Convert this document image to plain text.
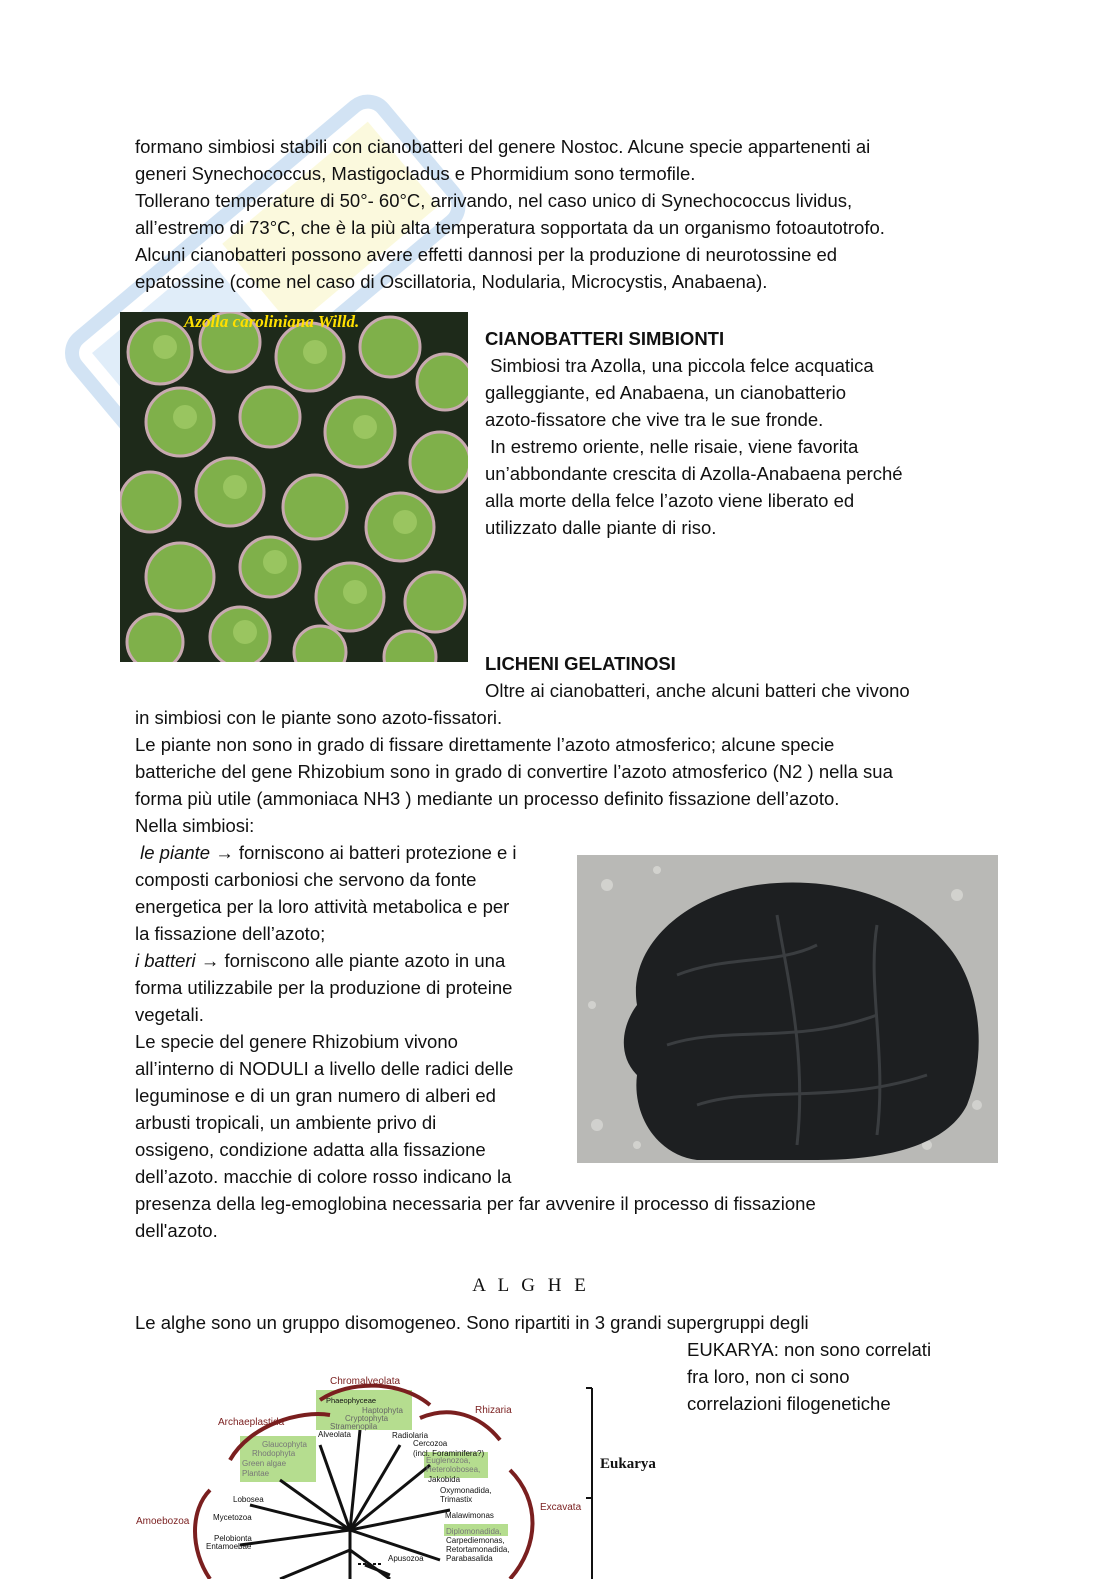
formano simbiosi stabili con cianobatteri del genere Nostoc. Alcune specie appartenenti ai
generi Synechococcus, Mastigocladus e Phormidium sono termofile.
Tollerano temperature di 50°- 60°C, arrivando, nel caso unico di Synechococcus lividus,
all’estremo di 73°C, che è la più alta temperatura sopportata da un organismo fotoautotrofo.
Alcuni cianobatteri possono avere effetti dannosi per la produzione di neurotossine ed
epatossine (come nel caso di Oscillatoria, Nodularia, Microcystis, Anabaena).
Azolla caroliniana Willd.
CIANOBATTERI SIMBIONTI
Simbiosi tra Azolla, una piccola felce acquatica
galleggiante, ed Anabaena, un cianobatterio
azoto-fissatore che vive tra le sue fronde.
In estremo oriente, nelle risaie, viene favorita
un’abbondante crescita di Azolla-Anabaena perché
alla morte della felce l’azoto viene liberato ed
utilizzato dalle piante di riso.
LICHENI GELATINOSI
Oltre ai cianobatteri, anche alcuni batteri che vivono
in simbiosi con le piante sono azoto-fissatori.
Le piante non sono in grado di fissare direttamente l’azoto atmosferico; alcune specie
batteriche del gene Rhizobium sono in grado di convertire l’azoto atmosferico (N2 ) nella sua
forma più utile (ammoniaca NH3 ) mediante un processo definito fissazione dell’azoto.
Nella simbiosi:
le piante → forniscono ai batteri protezione e i
composti carboniosi che servono da fonte
energetica per la loro attività metabolica e per
la fissazione dell’azoto;
i batteri → forniscono alle piante azoto in una
forma utilizzabile per la produzione di proteine
vegetali.
Le specie del genere Rhizobium vivono
all’interno di NODULI a livello delle radici delle
leguminose e di un gran numero di alberi ed
arbusti tropicali, un ambiente privo di
ossigeno, condizione adatta alla fissazione
dell’azoto. macchie di colore rosso indicano la
presenza della leg-emoglobina necessaria per far avvenire il processo di fissazione
dell'azoto.
A L G H E
Le alghe sono un gruppo disomogeneo. Sono ripartiti in 3 grandi supergruppi degli
EUKARYA: non sono correlati
fra loro, non ci sono
correlazioni filogenetiche
Chromalveolata
Rhizaria
Archaeplastida
Excavata
Amoebozoa
Eukarya
Phaeophyceae
Haptophyta
Cryptophyta
Stramenopila
Alveolata	Radiolaria
Cercozoa
(incl. Foraminifera?)
Glaucophyta
Rhodophyta
Green algae
Plantae
Euglenozoa,
Heterolobosea,
Jakobida
Oxymonadida,
Trimastix
Malawimonas
Lobosea
Mycetozoa
Pelobionta
Entamoebae
Diplomonadida,
Carpediemonas,
Retortamonadida,
Parabasalida
Apusozoa
